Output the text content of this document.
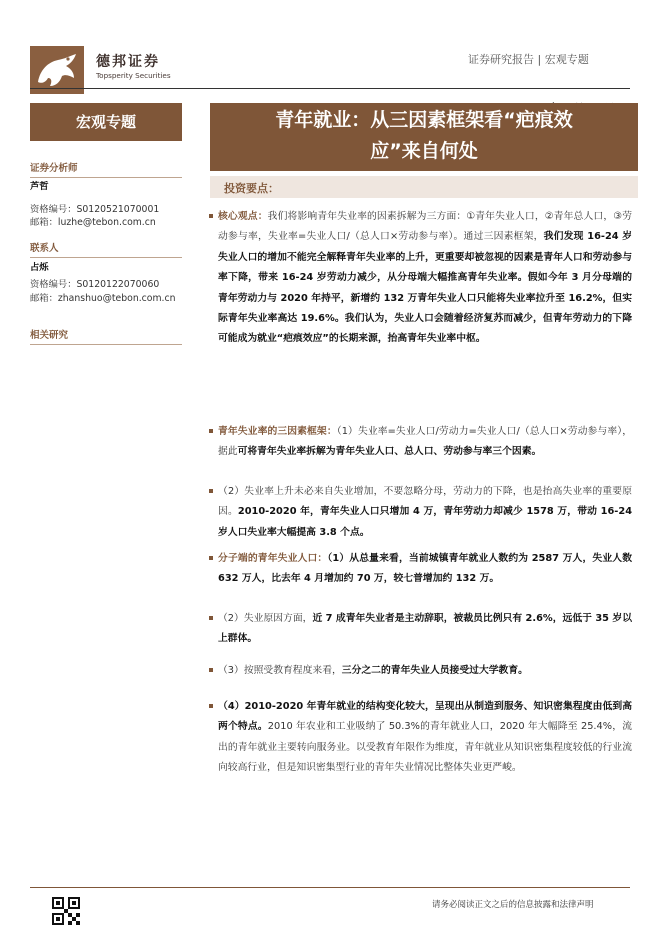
德邦证券
Topsperity Securities
证券研究报告 | 宏观专题
宏观专题	青年就业：从三因素框架看“疤痕效
应”来自何处
证券分析师
芦哲
资格编号：S0120521070001
邮箱：luzhe@tebon.com.cn
联系人
占烁
资格编号：S0120122070060
邮箱：zhanshuo@tebon.com.cn
相关研究
投资要点：
核心观点：我们将影响青年失业率的因素拆解为三方面：①青年失业人口，②青年总人口，③劳动参与率，失业率=失业人口/（总人口×劳动参与率）。通过三因素框架，我们发现 16-24 岁失业人口的增加不能完全解释青年失业率的上升，更重要却被忽视的因素是青年人口和劳动参与率下降，带来 16-24 岁劳动力减少，从分母端大幅推高青年失业率。假如今年 3 月分母端的青年劳动力与 2020 年持平，新增约 132 万青年失业人口只能将失业率拉升至 16.2%，但实际青年失业率高达 19.6%。我们认为，失业人口会随着经济复苏而减少，但青年劳动力的下降可能成为就业“疤痕效应”的长期来源，抬高青年失业率中枢。
青年失业率的三因素框架：（1）失业率=失业人口/劳动力=失业人口/（总人口×劳动参与率），据此可将青年失业率拆解为青年失业人口、总人口、劳动参与率三个因素。
（2）失业率上升未必来自失业增加，不要忽略分母，劳动力的下降，也是抬高失业率的重要原因。2010-2020 年，青年失业人口只增加 4 万，青年劳动力却减少 1578 万，带动 16-24 岁人口失业率大幅提高 3.8 个点。
分子端的青年失业人口：（1）从总量来看，当前城镇青年就业人数约为 2587 万人，失业人数 632 万人，比去年 4 月增加约 70 万，较七普增加约 132 万。
（2）失业原因方面，近 7 成青年失业者是主动辞职，被裁员比例只有 2.6%，远低于 35 岁以上群体。
（3）按照受教育程度来看，三分之二的青年失业人员接受过大学教育。
（4）2010-2020 年青年就业的结构变化较大，呈现出从制造到服务、知识密集程度由低到高两个特点。2010 年农业和工业吸纳了 50.3%的青年就业人口，2020 年大幅降至 25.4%，流出的青年就业主要转向服务业。以受教育年限作为维度，青年就业从知识密集程度较低的行业流向较高行业，但是知识密集型行业的青年失业情况比整体失业更严峻。
请务必阅读正文之后的信息披露和法律声明
